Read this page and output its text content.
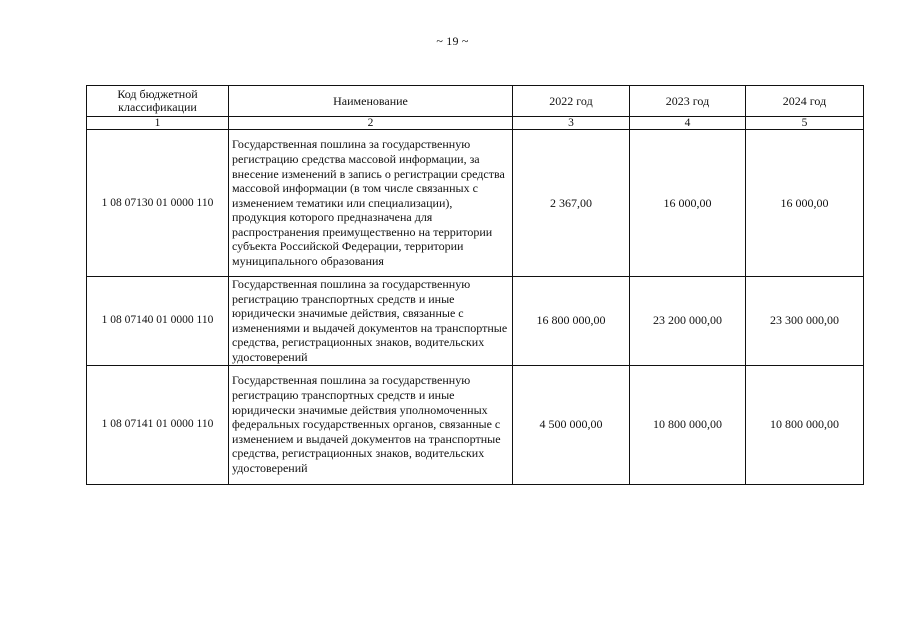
~ 19 ~
Код бюджетной классификации	Наименование	2022 год	2023 год	2024 год
1	2	3	4	5
1 08 07130 01 0000 110	Государственная пошлина за государственную регистрацию средства массовой информации, за внесение изменений в запись о регистрации средства массовой информации (в том числе связанных с изменением тематики или специализации), продукция которого предназначена для распространения преимущественно на территории субъекта Российской Федерации, территории муниципального образования	2 367,00	16 000,00	16 000,00
1 08 07140 01 0000 110	Государственная пошлина за государственную регистрацию транспортных средств и иные юридически значимые действия, связанные с изменениями и выдачей документов на транспортные средства, регистрационных знаков, водительских удостоверений	16 800 000,00	23 200 000,00	23 300 000,00
1 08 07141 01 0000 110	Государственная пошлина за государственную регистрацию транспортных средств и иные юридически значимые действия уполномоченных федеральных государственных органов, связанные с изменением и выдачей документов на транспортные средства, регистрационных знаков, водительских удостоверений	4 500 000,00	10 800 000,00	10 800 000,00
